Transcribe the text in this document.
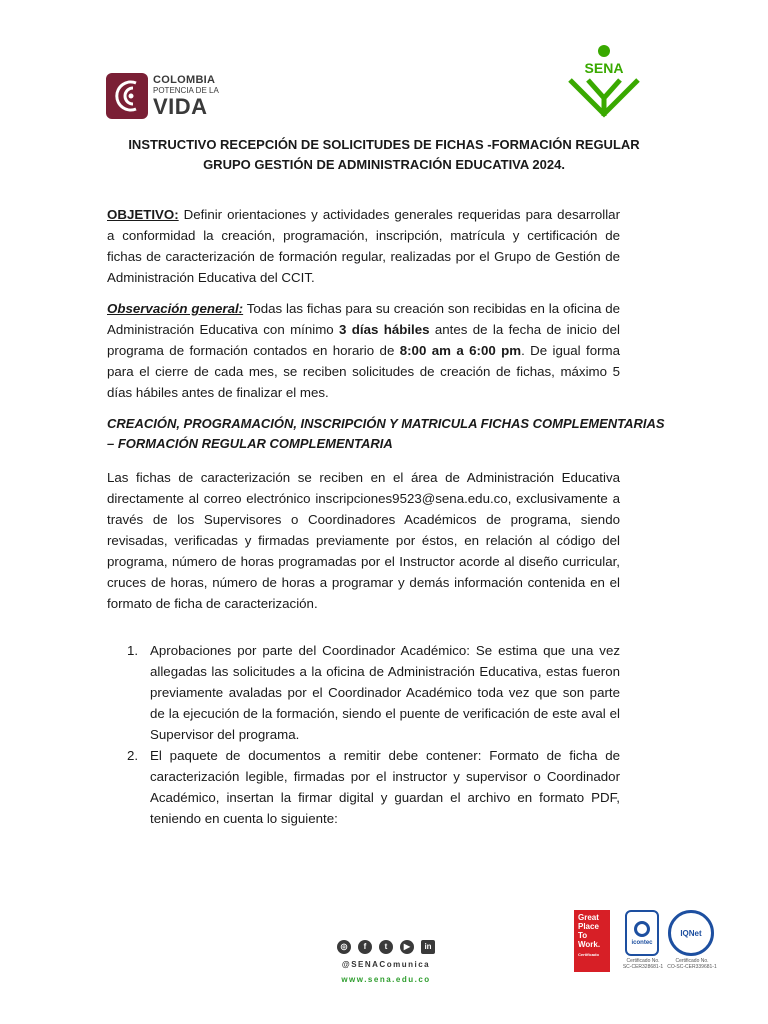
COLOMBIA
POTENCIA DE LA
VIDA
SENA
INSTRUCTIVO RECEPCIÓN DE SOLICITUDES DE FICHAS -FORMACIÓN REGULAR
GRUPO GESTIÓN DE ADMINISTRACIÓN EDUCATIVA 2024.
OBJETIVO: Definir orientaciones y actividades generales requeridas para desarrollar a conformidad la creación, programación, inscripción, matrícula y certificación de fichas de caracterización de formación regular, realizadas por el Grupo de Gestión de Administración Educativa del CCIT.
Observación general: Todas las fichas para su creación son recibidas en la oficina de Administración Educativa con mínimo 3 días hábiles antes de la fecha de inicio del programa de formación contados en horario de 8:00 am a 6:00 pm. De igual forma para el cierre de cada mes, se reciben solicitudes de creación de fichas, máximo 5 días hábiles antes de finalizar el mes.
CREACIÓN, PROGRAMACIÓN, INSCRIPCIÓN Y MATRICULA FICHAS COMPLEMENTARIAS – FORMACIÓN REGULAR COMPLEMENTARIA
Las fichas de caracterización se reciben en el área de Administración Educativa directamente al correo electrónico inscripciones9523@sena.edu.co, exclusivamente a través de los Supervisores o Coordinadores Académicos de programa, siendo revisadas, verificadas y firmadas previamente por éstos, en relación al código del programa, número de horas programadas por el Instructor acorde al diseño curricular, cruces de horas, número de horas a programar y demás información contenida en el formato de ficha de caracterización.
1. Aprobaciones por parte del Coordinador Académico: Se estima que una vez allegadas las solicitudes a la oficina de Administración Educativa, estas fueron previamente avaladas por el Coordinador Académico toda vez que son parte de la ejecución de la formación, siendo el puente de verificación de este aval el Supervisor del programa.
2. El paquete de documentos a remitir debe contener: Formato de ficha de caracterización legible, firmadas por el instructor y supervisor o Coordinador Académico, insertan la firmar digital y guardan el archivo en formato PDF, teniendo en cuenta lo siguiente:
◎	f	t	▶	in
@SENAComunica
www.sena.edu.co
Great
Place
To
Work.
Certificado
icontec
IQNet
Certificado No.
SC-CER328681-1
Certificado No.
CO-SC-CER339681-1
